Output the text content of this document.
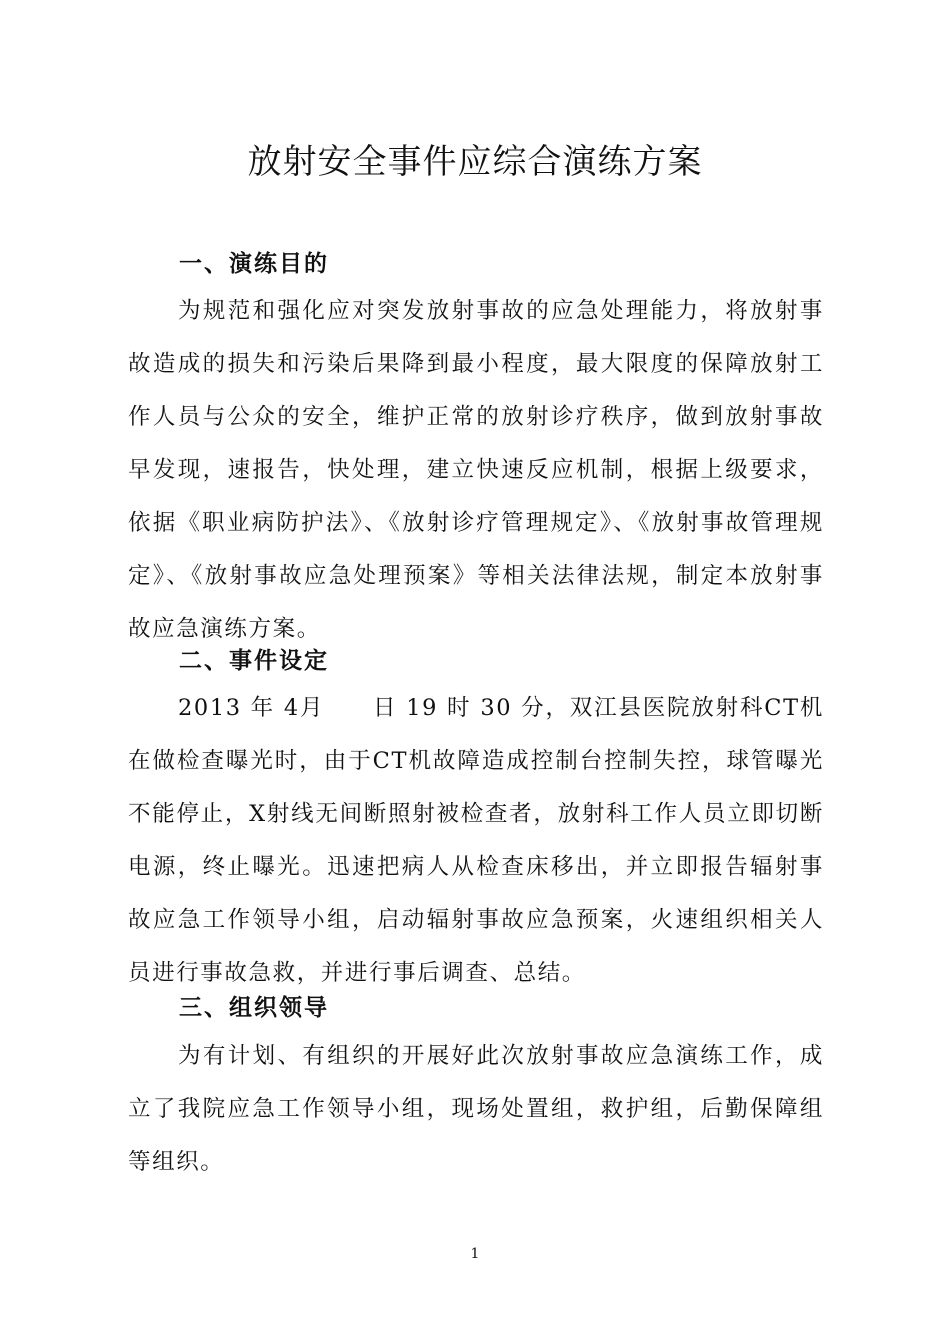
放射安全事件应综合演练方案
一、演练目的

为规范和强化应对突发放射事故的应急处理能力，将放射事故造成的损失和污染后果降到最小程度，最大限度的保障放射工作人员与公众的安全，维护正常的放射诊疗秩序，做到放射事故早发现，速报告，快处理，建立快速反应机制，根据上级要求，依据《职业病防护法》、《放射诊疗管理规定》、《放射事故管理规定》、《放射事故应急处理预案》等相关法律法规，制定本放射事故应急演练方案。

二、事件设定

2013 年 4月　　日 19 时 30 分，双江县医院放射科CT机在做检查曝光时，由于CT机故障造成控制台控制失控，球管曝光不能停止，X射线无间断照射被检查者，放射科工作人员立即切断电源，终止曝光。迅速把病人从检查床移出，并立即报告辐射事故应急工作领导小组，启动辐射事故应急预案，火速组织相关人员进行事故急救，并进行事后调查、总结。

三、组织领导

为有计划、有组织的开展好此次放射事故应急演练工作，成立了我院应急工作领导小组，现场处置组，救护组，后勤保障组等组织。

1
